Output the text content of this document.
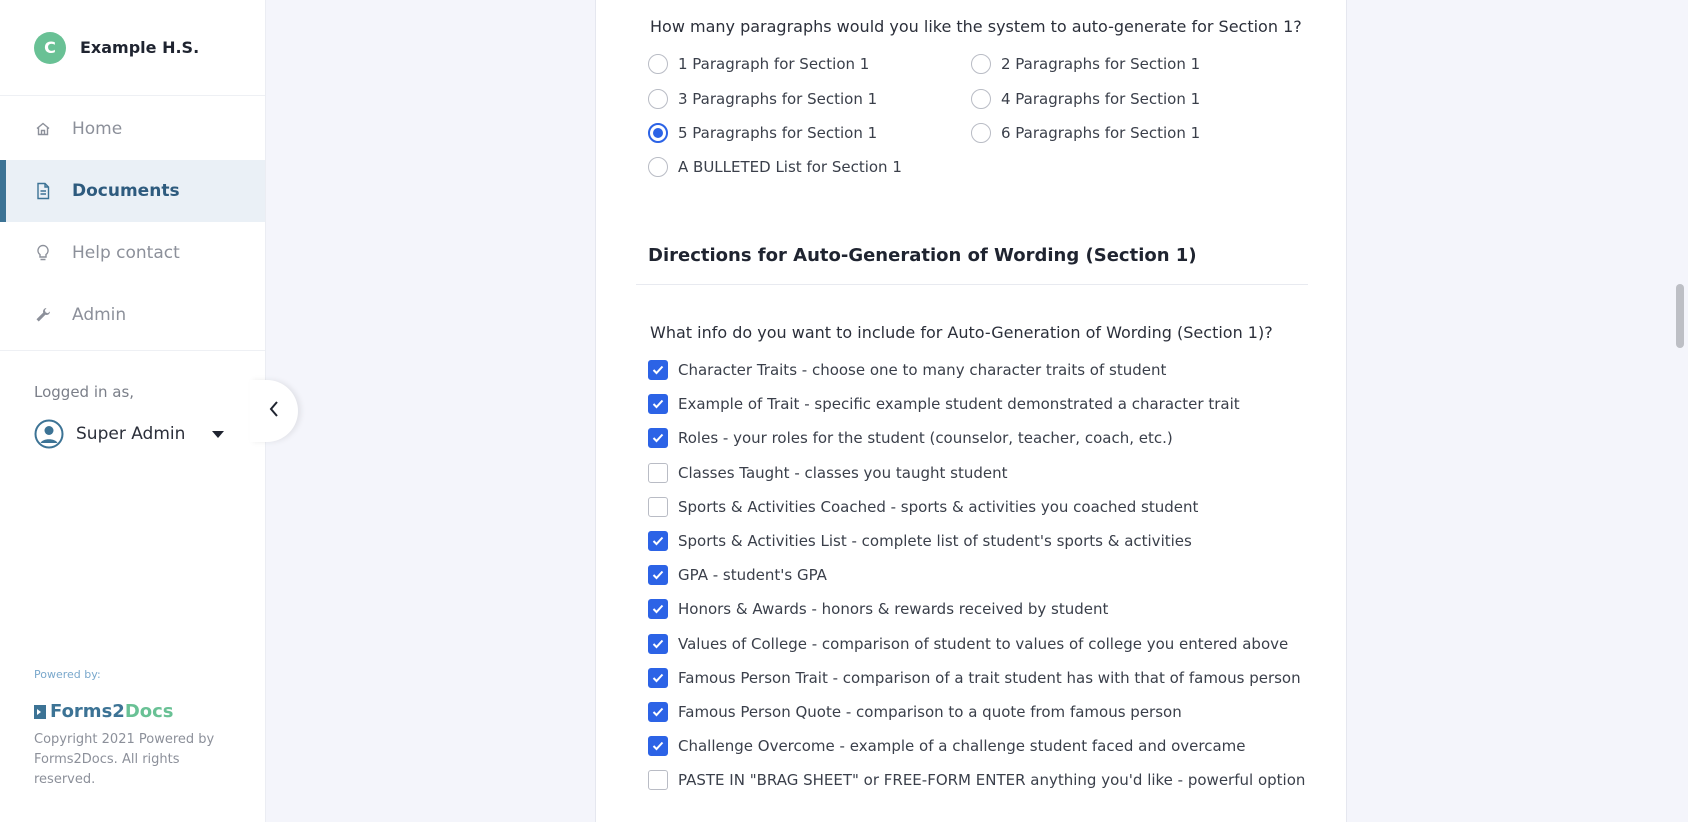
C	Example H.S.
Home
Documents
Help contact
Admin
Logged in as,
Super Admin
Powered by:
Forms2Docs
Copyright 2021 Powered by Forms2Docs. All rights reserved.
How many paragraphs would you like the system to auto-generate for Section 1?
1 Paragraph for Section 1	2 Paragraphs for Section 1
3 Paragraphs for Section 1	4 Paragraphs for Section 1
5 Paragraphs for Section 1	6 Paragraphs for Section 1
A BULLETED List for Section 1
Directions for Auto-Generation of Wording (Section 1)
What info do you want to include for Auto-Generation of Wording (Section 1)?
Character Traits - choose one to many character traits of student
Example of Trait - specific example student demonstrated a character trait
Roles - your roles for the student (counselor, teacher, coach, etc.)
Classes Taught - classes you taught student
Sports & Activities Coached - sports & activities you coached student
Sports & Activities List - complete list of student's sports & activities
GPA - student's GPA
Honors & Awards - honors & rewards received by student
Values of College - comparison of student to values of college you entered above
Famous Person Trait - comparison of a trait student has with that of famous person
Famous Person Quote - comparison to a quote from famous person
Challenge Overcome - example of a challenge student faced and overcame
PASTE IN "BRAG SHEET" or FREE-FORM ENTER anything you'd like - powerful option
